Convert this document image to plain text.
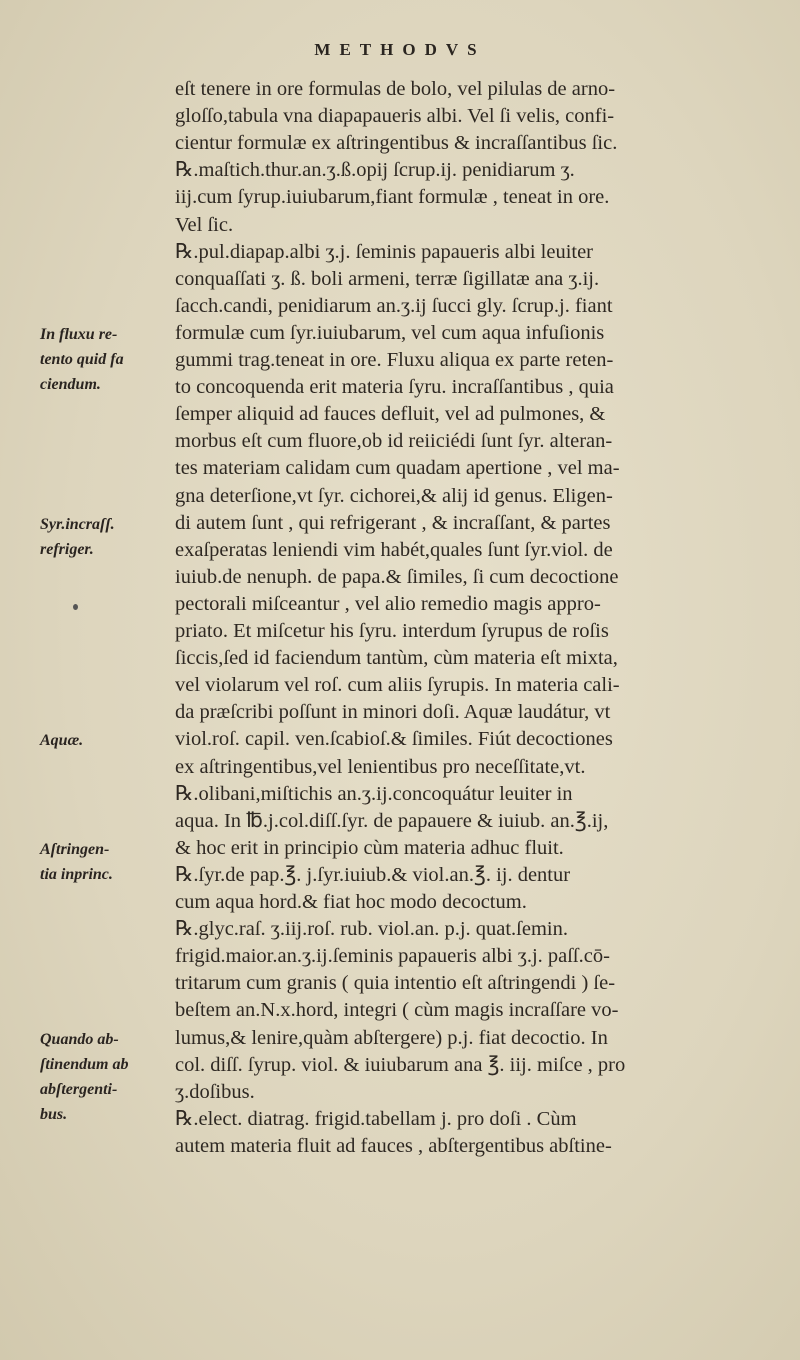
METHODVS
eſt tenere in ore formulas de bolo, vel pilulas de arno-
gloſſo,tabula vna diapapaueris albi. Vel ſi velis, confi-
cientur formulæ ex aſtringentibus & incraſſantibus ſic.
℞.maſtich.thur.an.ʒ.ß.opij ſcrup.ij. penidiarum ʒ.
iij.cum ſyrup.iuiubarum,fiant formulæ , teneat in ore.
Vel ſic.
℞.pul.diapap.albi ʒ.j. ſeminis papaueris albi leuiter
conquaſſati ʒ. ß. boli armeni, terræ ſigillatæ ana ʒ.ij.
ſacch.candi, penidiarum an.ʒ.ij ſucci gly. ſcrup.j. fiant
formulæ cum ſyr.iuiubarum, vel cum aqua infuſionis
gummi trag.teneat in ore. Fluxu aliqua ex parte reten-
to concoquenda erit materia ſyru. incraſſantibus , quia
ſemper aliquid ad fauces defluit, vel ad pulmones, &
morbus eſt cum fluore,ob id reiiciédi ſunt ſyr. alteran-
tes materiam calidam cum quadam apertione , vel ma-
gna deterſione,vt ſyr. cichorei,& alij id genus. Eligen-
di autem ſunt , qui refrigerant , & incraſſant, & partes
exaſperatas leniendi vim habét,quales ſunt ſyr.viol. de
iuiub.de nenuph. de papa.& ſimiles, ſi cum decoctione
pectorali miſceantur , vel alio remedio magis appro-
priato. Et miſcetur his ſyru. interdum ſyrupus de roſis
ſiccis,ſed id faciendum tantùm, cùm materia eſt mixta,
vel violarum vel roſ. cum aliis ſyrupis. In materia cali-
da præſcribi poſſunt in minori doſi. Aquæ laudátur, vt
viol.roſ. capil. ven.ſcabioſ.& ſimiles. Fiút decoctiones
ex aſtringentibus,vel lenientibus pro neceſſitate,vt.
℞.olibani,miſtichis an.ʒ.ij.concoquátur leuiter in
aqua. In ℔.j.col.diſſ.ſyr. de papauere & iuiub. an.℥.ij,
& hoc erit in principio cùm materia adhuc fluit.
℞.ſyr.de pap.℥. j.ſyr.iuiub.& viol.an.℥. ij. dentur
cum aqua hord.& fiat hoc modo decoctum.
℞.glyc.raſ. ʒ.iij.roſ. rub. viol.an. p.j. quat.ſemin.
frigid.maior.an.ʒ.ij.ſeminis papaueris albi ʒ.j. paſſ.cō-
tritarum cum granis ( quia intentio eſt aſtringendi ) ſe-
beſtem an.N.x.hord, integri ( cùm magis incraſſare vo-
lumus,& lenire,quàm abſtergere) p.j. fiat decoctio. In
col. diſſ. ſyrup. viol. & iuiubarum ana ℥. iij. miſce , pro
ʒ.doſibus.
℞.elect. diatrag. frigid.tabellam j. pro doſi . Cùm
autem materia fluit ad fauces , abſtergentibus abſtine-
In fluxu re-
tento quid fa
ciendum.
Syr.incraſſ.
refriger.
Aquæ.
Aſtringen-
tia inprinc.
Quando ab-
ſtinendum ab
abſtergenti-
bus.
